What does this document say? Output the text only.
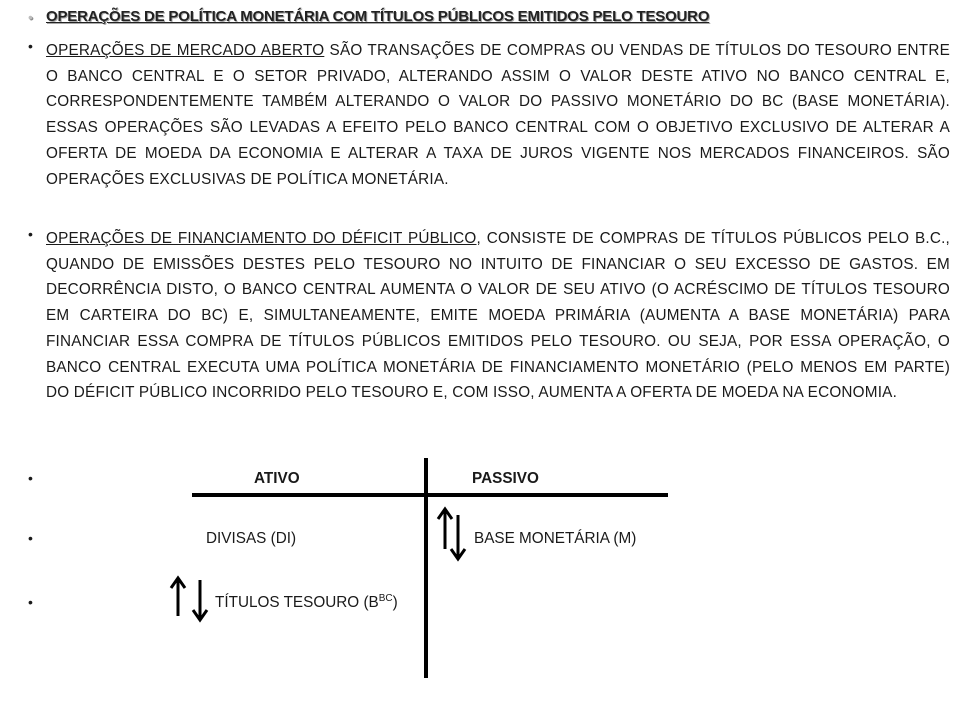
• OPERAÇÕES DE POLÍTICA MONETÁRIA COM TÍTULOS PÚBLICOS EMITIDOS PELO TESOURO
• OPERAÇÕES DE MERCADO ABERTO SÃO TRANSAÇÕES DE COMPRAS OU VENDAS DE TÍTULOS DO TESOURO ENTRE O BANCO CENTRAL E O SETOR PRIVADO, ALTERANDO ASSIM O VALOR DESTE ATIVO NO BANCO CENTRAL E, CORRESPONDENTEMENTE TAMBÉM ALTERANDO O VALOR DO PASSIVO MONETÁRIO DO BC (BASE MONETÁRIA). ESSAS OPERAÇÕES SÃO LEVADAS A EFEITO PELO BANCO CENTRAL COM O OBJETIVO EXCLUSIVO DE ALTERAR A OFERTA DE MOEDA DA ECONOMIA E ALTERAR A TAXA DE JUROS VIGENTE NOS MERCADOS FINANCEIROS. SÃO OPERAÇÕES EXCLUSIVAS DE POLÍTICA MONETÁRIA.
• OPERAÇÕES DE FINANCIAMENTO DO DÉFICIT PÚBLICO, CONSISTE DE COMPRAS DE TÍTULOS PÚBLICOS PELO B.C., QUANDO DE EMISSÕES DESTES PELO TESOURO NO INTUITO DE FINANCIAR O SEU EXCESSO DE GASTOS. EM DECORRÊNCIA DISTO, O BANCO CENTRAL AUMENTA O VALOR DE SEU ATIVO (O ACRÉSCIMO DE TÍTULOS TESOURO EM CARTEIRA DO BC) E, SIMULTANEAMENTE, EMITE MOEDA PRIMÁRIA (AUMENTA A BASE MONETÁRIA) PARA FINANCIAR ESSA COMPRA DE TÍTULOS PÚBLICOS EMITIDOS PELO TESOURO. OU SEJA, POR ESSA OPERAÇÃO, O BANCO CENTRAL EXECUTA UMA POLÍTICA MONETÁRIA DE FINANCIAMENTO MONETÁRIO (PELO MENOS EM PARTE) DO DÉFICIT PÚBLICO INCORRIDO PELO TESOURO E, COM ISSO, AUMENTA A OFERTA DE MOEDA NA ECONOMIA.
•
•
•
ATIVO	PASSIVO
DIVISAS (DI)	BASE MONETÁRIA (M)
TÍTULOS TESOURO $(B^{BC})$
